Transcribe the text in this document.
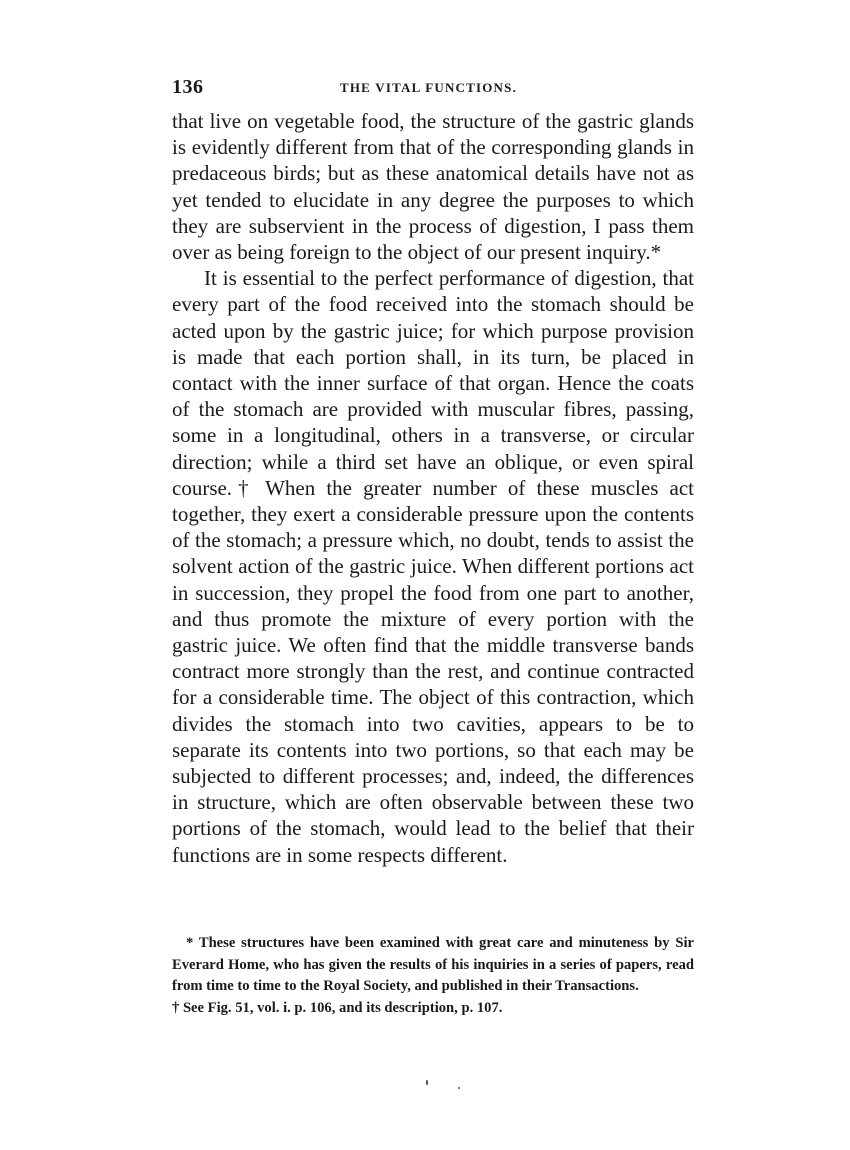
136	THE VITAL FUNCTIONS.

that live on vegetable food, the structure of the gastric glands is evidently different from that of the corresponding glands in predaceous birds; but as these anatomical details have not as yet tended to elucidate in any degree the purposes to which they are subservient in the process of digestion, I pass them over as being foreign to the object of our present inquiry.*

It is essential to the perfect performance of digestion, that every part of the food received into the stomach should be acted upon by the gastric juice; for which purpose provision is made that each portion shall, in its turn, be placed in contact with the inner surface of that organ. Hence the coats of the stomach are provided with muscular fibres, passing, some in a longitudinal, others in a transverse, or circular direction; while a third set have an oblique, or even spiral course.† When the greater number of these muscles act together, they exert a considerable pressure upon the contents of the stomach; a pressure which, no doubt, tends to assist the solvent action of the gastric juice. When different portions act in succession, they propel the food from one part to another, and thus promote the mixture of every portion with the gastric juice. We often find that the middle transverse bands contract more strongly than the rest, and continue contracted for a considerable time. The object of this contraction, which divides the stomach into two cavities, appears to be to separate its contents into two portions, so that each may be subjected to different processes; and, indeed, the differences in structure, which are often observable between these two portions of the stomach, would lead to the belief that their functions are in some respects different.

* These structures have been examined with great care and minuteness by Sir Everard Home, who has given the results of his inquiries in a series of papers, read from time to time to the Royal Society, and published in their Transactions.

† See Fig. 51, vol. i. p. 106, and its description, p. 107.
